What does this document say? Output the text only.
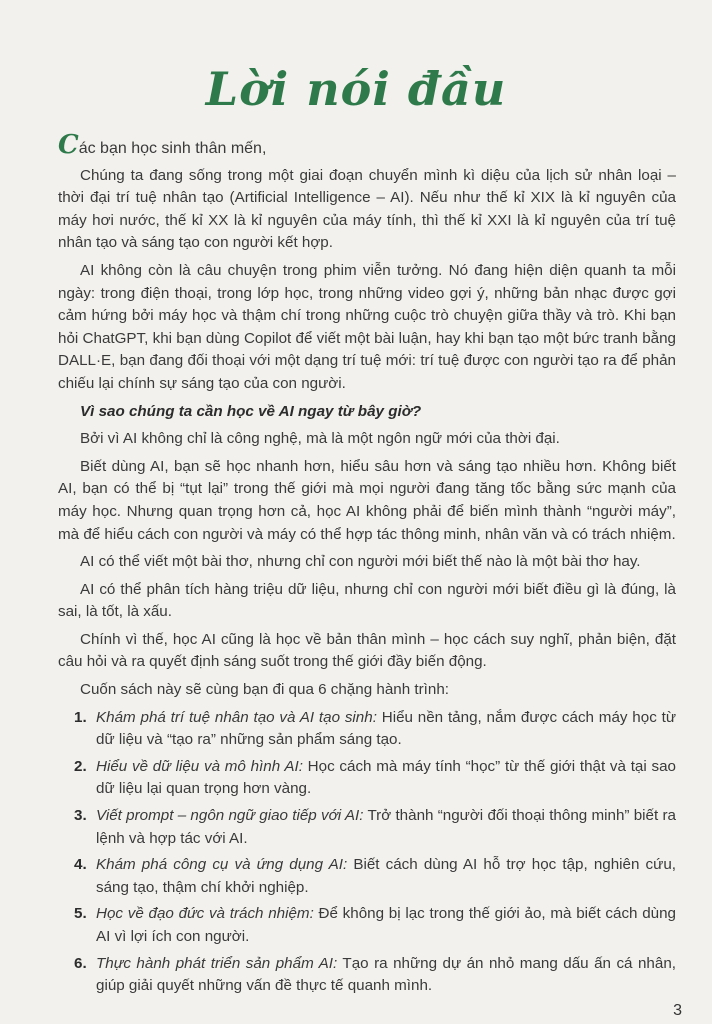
Lời nói đầu

Các bạn học sinh thân mến,

Chúng ta đang sống trong một giai đoạn chuyển mình kì diệu của lịch sử nhân loại – thời đại trí tuệ nhân tạo (Artificial Intelligence – AI). Nếu như thế kỉ XIX là kỉ nguyên của máy hơi nước, thế kỉ XX là kỉ nguyên của máy tính, thì thế kỉ XXI là kỉ nguyên của trí tuệ nhân tạo và sáng tạo con người kết hợp.

AI không còn là câu chuyện trong phim viễn tưởng. Nó đang hiện diện quanh ta mỗi ngày: trong điện thoại, trong lớp học, trong những video gợi ý, những bản nhạc được gợi cảm hứng bởi máy học và thậm chí trong những cuộc trò chuyện giữa thầy và trò. Khi bạn hỏi ChatGPT, khi bạn dùng Copilot để viết một bài luận, hay khi bạn tạo một bức tranh bằng DALL·E, bạn đang đối thoại với một dạng trí tuệ mới: trí tuệ được con người tạo ra để phản chiếu lại chính sự sáng tạo của con người.

Vì sao chúng ta cần học về AI ngay từ bây giờ?

Bởi vì AI không chỉ là công nghệ, mà là một ngôn ngữ mới của thời đại.

Biết dùng AI, bạn sẽ học nhanh hơn, hiểu sâu hơn và sáng tạo nhiều hơn. Không biết AI, bạn có thể bị “tụt lại” trong thế giới mà mọi người đang tăng tốc bằng sức mạnh của máy học. Nhưng quan trọng hơn cả, học AI không phải để biến mình thành “người máy”, mà để hiểu cách con người và máy có thể hợp tác thông minh, nhân văn và có trách nhiệm.

AI có thể viết một bài thơ, nhưng chỉ con người mới biết thế nào là một bài thơ hay.

AI có thể phân tích hàng triệu dữ liệu, nhưng chỉ con người mới biết điều gì là đúng, là sai, là tốt, là xấu.

Chính vì thế, học AI cũng là học về bản thân mình – học cách suy nghĩ, phản biện, đặt câu hỏi và ra quyết định sáng suốt trong thế giới đầy biến động.

Cuốn sách này sẽ cùng bạn đi qua 6 chặng hành trình:

1. Khám phá trí tuệ nhân tạo và AI tạo sinh: Hiểu nền tảng, nắm được cách máy học từ dữ liệu và “tạo ra” những sản phẩm sáng tạo.
2. Hiểu về dữ liệu và mô hình AI: Học cách mà máy tính “học” từ thế giới thật và tại sao dữ liệu lại quan trọng hơn vàng.
3. Viết prompt – ngôn ngữ giao tiếp với AI: Trở thành “người đối thoại thông minh” biết ra lệnh và hợp tác với AI.
4. Khám phá công cụ và ứng dụng AI: Biết cách dùng AI hỗ trợ học tập, nghiên cứu, sáng tạo, thậm chí khởi nghiệp.
5. Học về đạo đức và trách nhiệm: Để không bị lạc trong thế giới ảo, mà biết cách dùng AI vì lợi ích con người.
6. Thực hành phát triển sản phẩm AI: Tạo ra những dự án nhỏ mang dấu ấn cá nhân, giúp giải quyết những vấn đề thực tế quanh mình.
3
